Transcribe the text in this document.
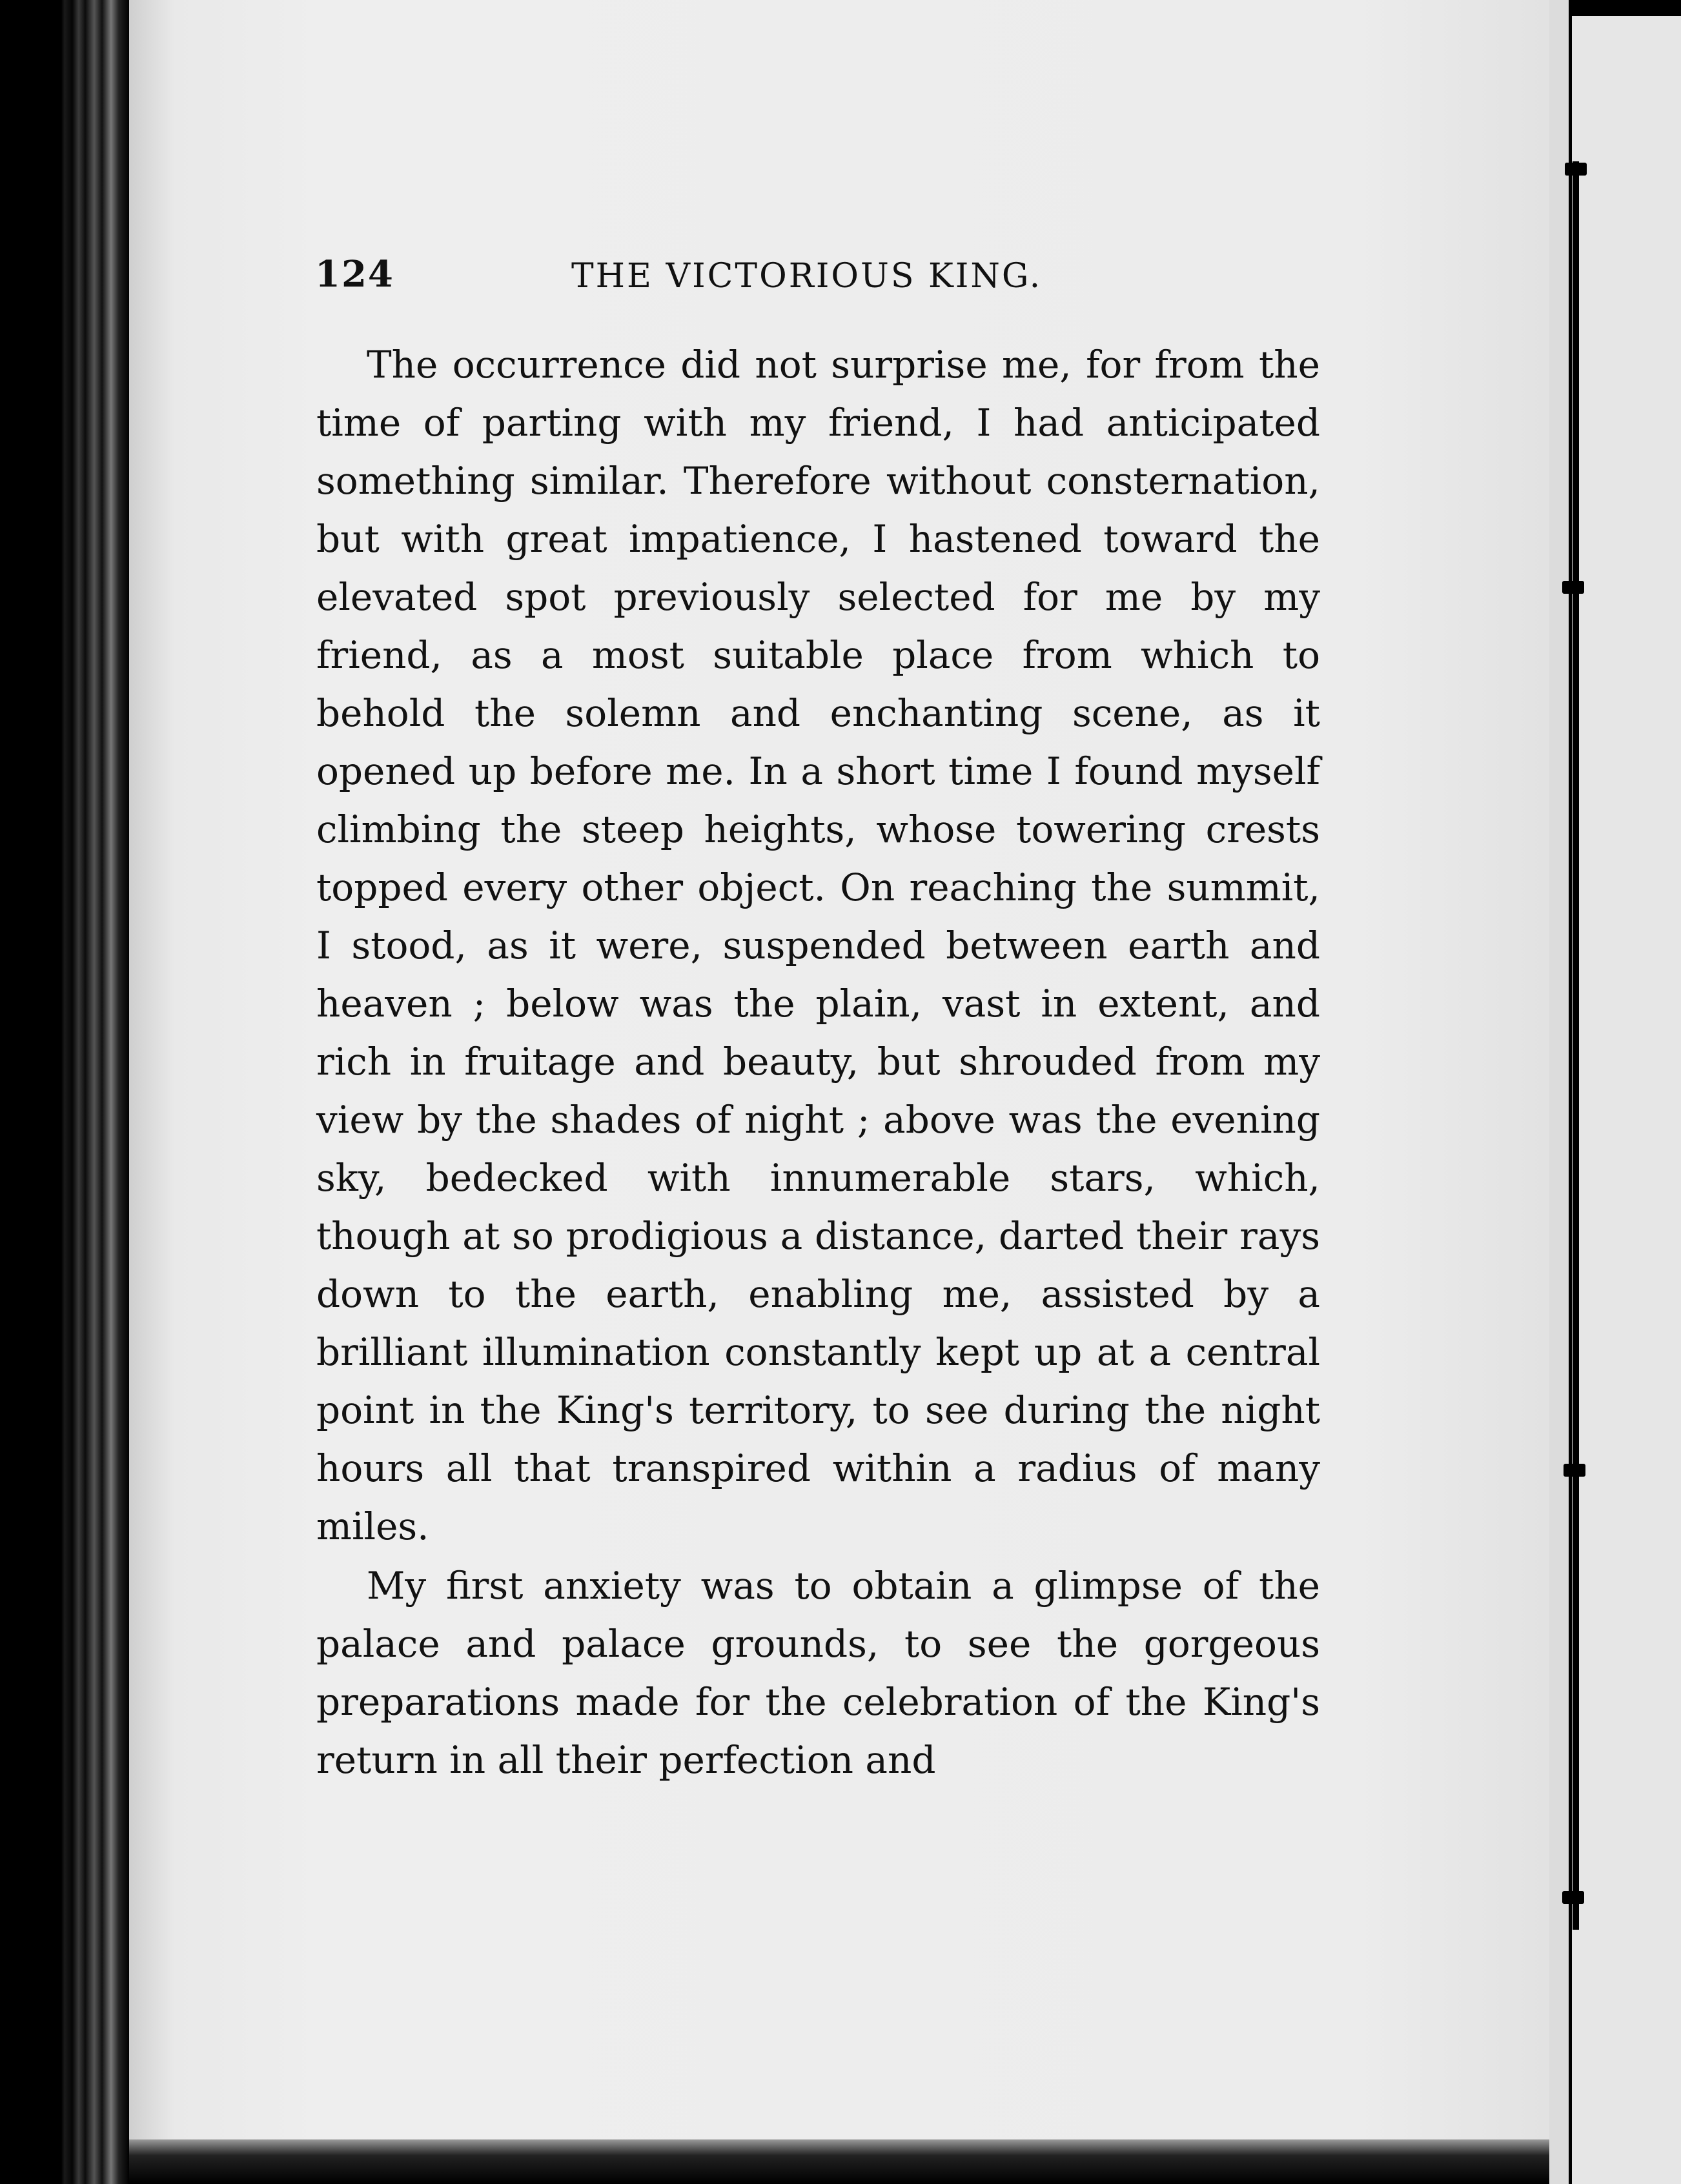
124	THE VICTORIOUS KING.

The occurrence did not surprise me, for from the time of parting with my friend, I had anticipated something similar. Therefore without consternation, but with great impatience, I hastened toward the elevated spot previously selected for me by my friend, as a most suitable place from which to behold the solemn and enchanting scene, as it opened up before me. In a short time I found myself climbing the steep heights, whose towering crests topped every other object. On reaching the summit, I stood, as it were, suspended between earth and heaven ; below was the plain, vast in extent, and rich in fruitage and beauty, but shrouded from my view by the shades of night ; above was the evening sky, bedecked with innumerable stars, which, though at so prodigious a distance, darted their rays down to the earth, enabling me, assisted by a brilliant illumination constantly kept up at a central point in the King's territory, to see during the night hours all that transpired within a radius of many miles.

My first anxiety was to obtain a glimpse of the palace and palace grounds, to see the gorgeous preparations made for the celebration of the King's return in all their perfection and
